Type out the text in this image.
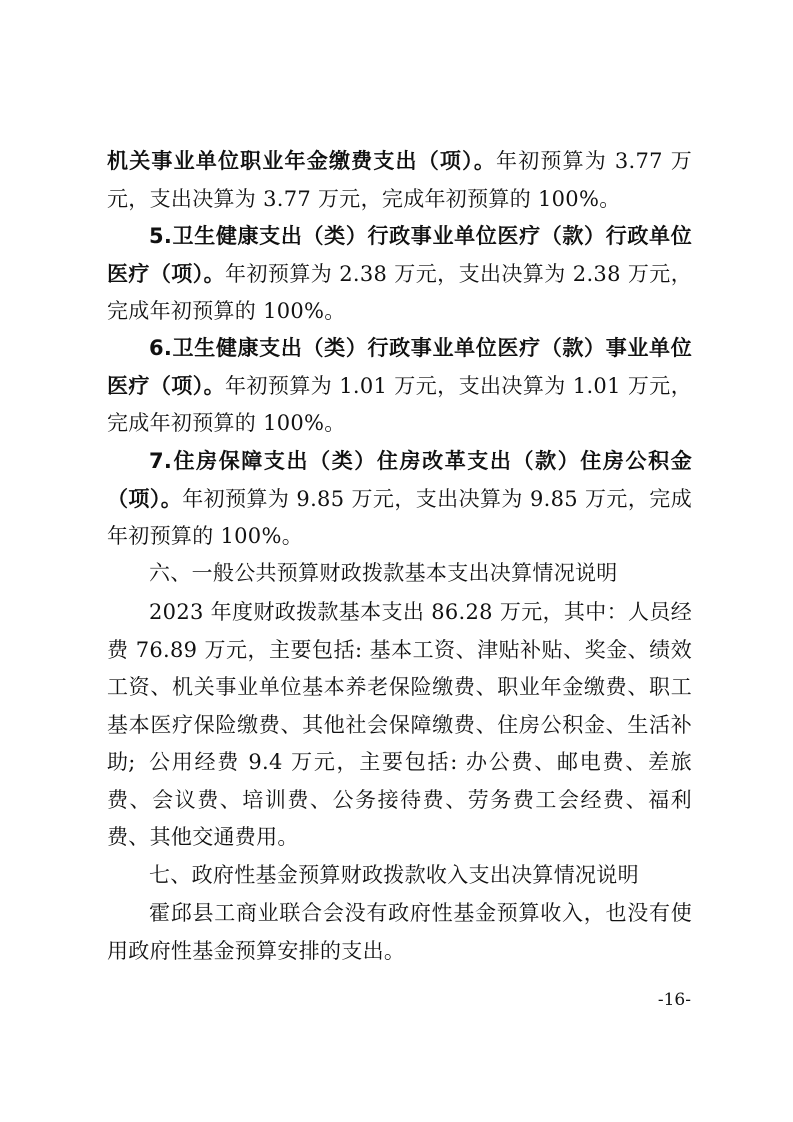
机关事业单位职业年金缴费支出（项）。年初预算为 3.77 万元，支出决算为 3.77 万元，完成年初预算的 100%。

5.卫生健康支出（类）行政事业单位医疗（款）行政单位医疗（项）。年初预算为 2.38 万元，支出决算为 2.38 万元，完成年初预算的 100%。

6.卫生健康支出（类）行政事业单位医疗（款）事业单位医疗（项）。年初预算为 1.01 万元，支出决算为 1.01 万元，完成年初预算的 100%。

7.住房保障支出（类）住房改革支出（款）住房公积金（项）。年初预算为 9.85 万元，支出决算为 9.85 万元，完成年初预算的 100%。

六、一般公共预算财政拨款基本支出决算情况说明

2023 年度财政拨款基本支出 86.28 万元，其中：人员经费 76.89 万元，主要包括: 基本工资、津贴补贴、奖金、绩效工资、机关事业单位基本养老保险缴费、职业年金缴费、职工基本医疗保险缴费、其他社会保障缴费、住房公积金、生活补助; 公用经费 9.4 万元，主要包括: 办公费、邮电费、差旅费、会议费、培训费、公务接待费、劳务费工会经费、福利费、其他交通费用。

七、政府性基金预算财政拨款收入支出决算情况说明

霍邱县工商业联合会没有政府性基金预算收入，也没有使用政府性基金预算安排的支出。

-16-
